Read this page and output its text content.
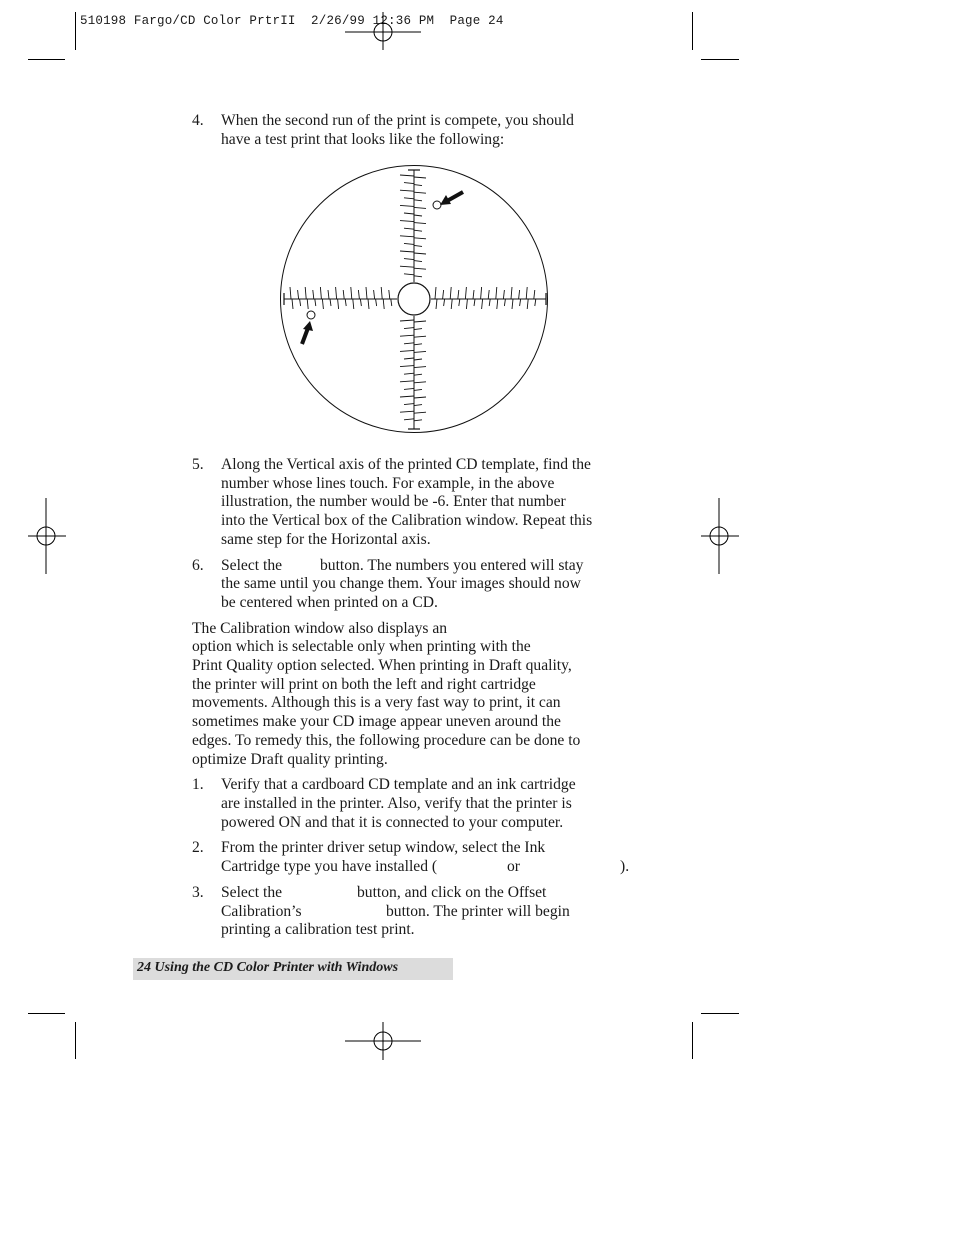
510198 Fargo/CD Color PrtrII  2/26/99 12:36 PM  Page 24
4. When the second run of the print is compete, you should
have a test print that looks like the following:
5. Along the Vertical axis of the printed CD template, find the
number whose lines touch. For example, in the above
illustration, the number would be -6. Enter that number
into the Vertical box of the Calibration window. Repeat this
same step for the Horizontal axis.
6. Select the button. The numbers you entered will stay
the same until you change them. Your images should now
be centered when printed on a CD.
The Calibration window also displays an
option which is selectable only when printing with the
Print Quality option selected. When printing in Draft quality,
the printer will print on both the left and right cartridge
movements. Although this is a very fast way to print, it can
sometimes make your CD image appear uneven around the
edges. To remedy this, the following procedure can be done to
optimize Draft quality printing.
1. Verify that a cardboard CD template and an ink cartridge
are installed in the printer. Also, verify that the printer is
powered ON and that it is connected to your computer.
2. From the printer driver setup window, select the Ink
Cartridge type you have installed (	or	).
3. Select the	button, and click on the Offset
Calibration’s	button. The printer will begin
printing a calibration test print.
24 Using the CD Color Printer with Windows
